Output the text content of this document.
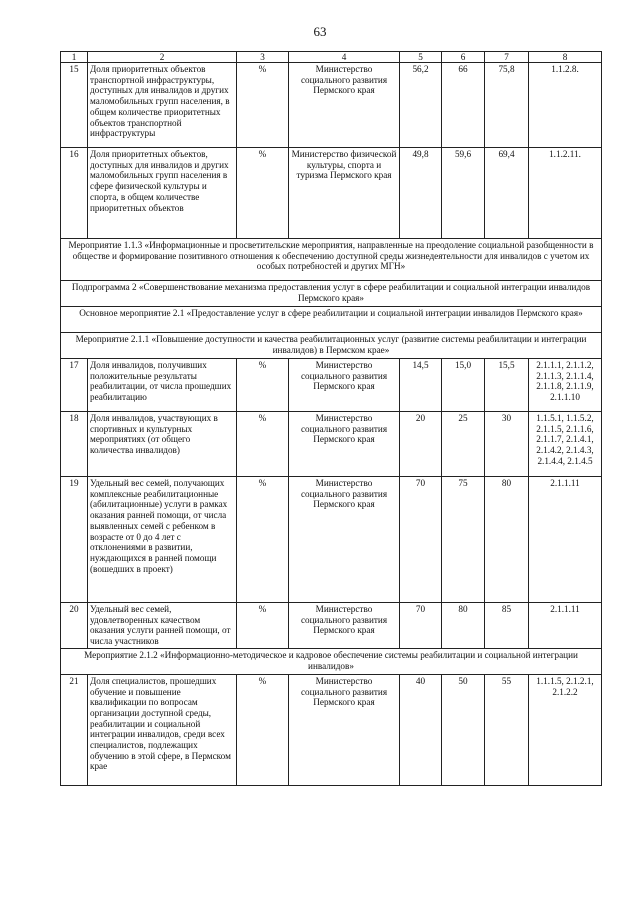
63
1	2	3	4	5	6	7	8
15	Доля приоритетных объектов транспортной инфраструктуры, доступных для инвалидов и других маломобильных групп населения, в общем количестве приоритетных объектов транспортной инфраструктуры	%	Министерство социального развития Пермского края	56,2	66	75,8	1.1.2.8.
16	Доля приоритетных объектов, доступных для инвалидов и других маломобильных групп населения в сфере физической культуры и спорта, в общем количестве приоритетных объектов	%	Министерство физической культуры, спорта и туризма Пермского края	49,8	59,6	69,4	1.1.2.11.
Мероприятие 1.1.3 «Информационные и просветительские мероприятия, направленные на преодоление социальной разобщенности в обществе и формирование позитивного отношения к обеспечению доступной среды жизнедеятельности для инвалидов с учетом их особых потребностей и других МГН»							
Подпрограмма 2 «Совершенствование механизма предоставления услуг в сфере реабилитации и социальной интеграции инвалидов Пермского края»							
Основное мероприятие 2.1 «Предоставление услуг в сфере реабилитации и социальной интеграции инвалидов Пермского края»							
Мероприятие 2.1.1 «Повышение доступности и качества реабилитационных услуг (развитие системы реабилитации и интеграции инвалидов) в Пермском крае»							
17	Доля инвалидов, получивших положительные результаты реабилитации, от числа прошедших реабилитацию	%	Министерство социального развития Пермского края	14,5	15,0	15,5	2.1.1.1, 2.1.1.2, 2.1.1.3, 2.1.1.4, 2.1.1.8, 2.1.1.9, 2.1.1.10
18	Доля инвалидов, участвующих в спортивных и культурных мероприятиях (от общего количества инвалидов)	%	Министерство социального развития Пермского края	20	25	30	1.1.5.1, 1.1.5.2, 2.1.1.5, 2.1.1.6, 2.1.1.7, 2.1.4.1, 2.1.4.2, 2.1.4.3, 2.1.4.4, 2.1.4.5
19	Удельный вес семей, получающих комплексные реабилитационные (абилитационные) услуги в рамках оказания ранней помощи, от числа выявленных семей с ребенком в возрасте от 0 до 4 лет с отклонениями в развитии, нуждающихся в ранней помощи (вошедших в проект)	%	Министерство социального развития Пермского края	70	75	80	2.1.1.11
20	Удельный вес семей, удовлетворенных качеством оказания услуги ранней помощи, от числа участников	%	Министерство социального развития Пермского края	70	80	85	2.1.1.11
Мероприятие 2.1.2 «Информационно-методическое и кадровое обеспечение системы реабилитации и социальной интеграции инвалидов»							
21	Доля специалистов, прошедших обучение и повышение квалификации по вопросам организации доступной среды, реабилитации и социальной интеграции инвалидов, среди всех специалистов, подлежащих обучению в этой сфере, в Пермском крае	%	Министерство социального развития Пермского края	40	50	55	1.1.1.5, 2.1.2.1, 2.1.2.2
